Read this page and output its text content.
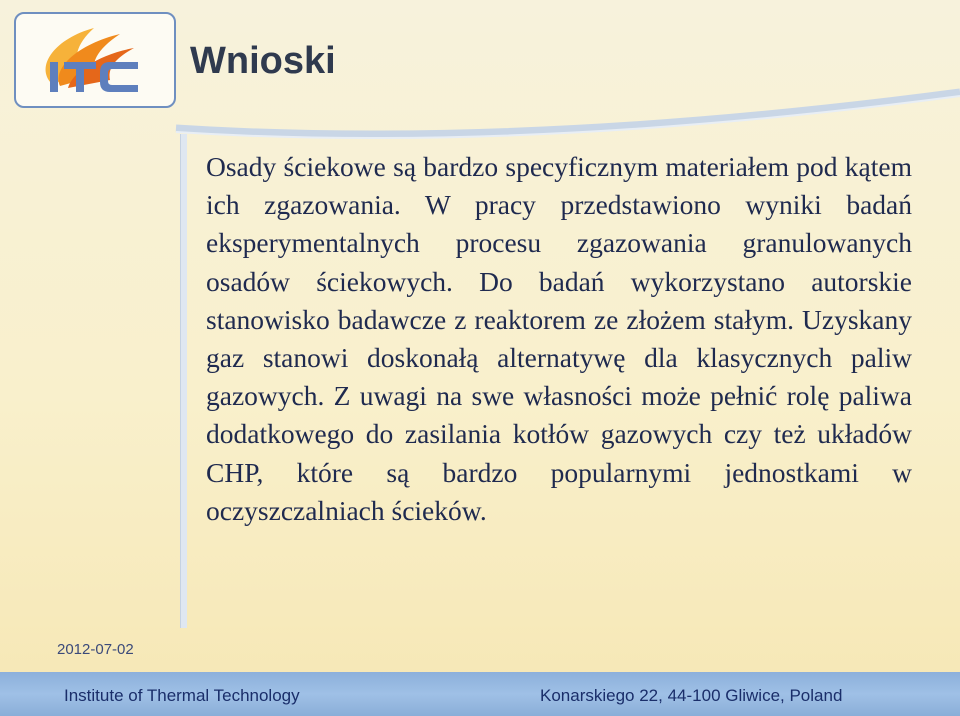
Wnioski

Osady ściekowe są bardzo specyficznym materiałem pod kątem ich zgazowania. W pracy przedstawiono wyniki badań eksperymentalnych procesu zgazowania granulowanych osadów ściekowych. Do badań wykorzystano autorskie stanowisko badawcze z reaktorem ze złożem stałym. Uzyskany gaz stanowi doskonałą alternatywę dla klasycznych paliw gazowych. Z uwagi na swe własności może pełnić rolę paliwa dodatkowego do zasilania kotłów gazowych czy też układów CHP, które są bardzo popularnymi jednostkami w oczyszczalniach ścieków.

2012-07-02
Institute of Thermal Technology	Konarskiego 22, 44-100 Gliwice, Poland
